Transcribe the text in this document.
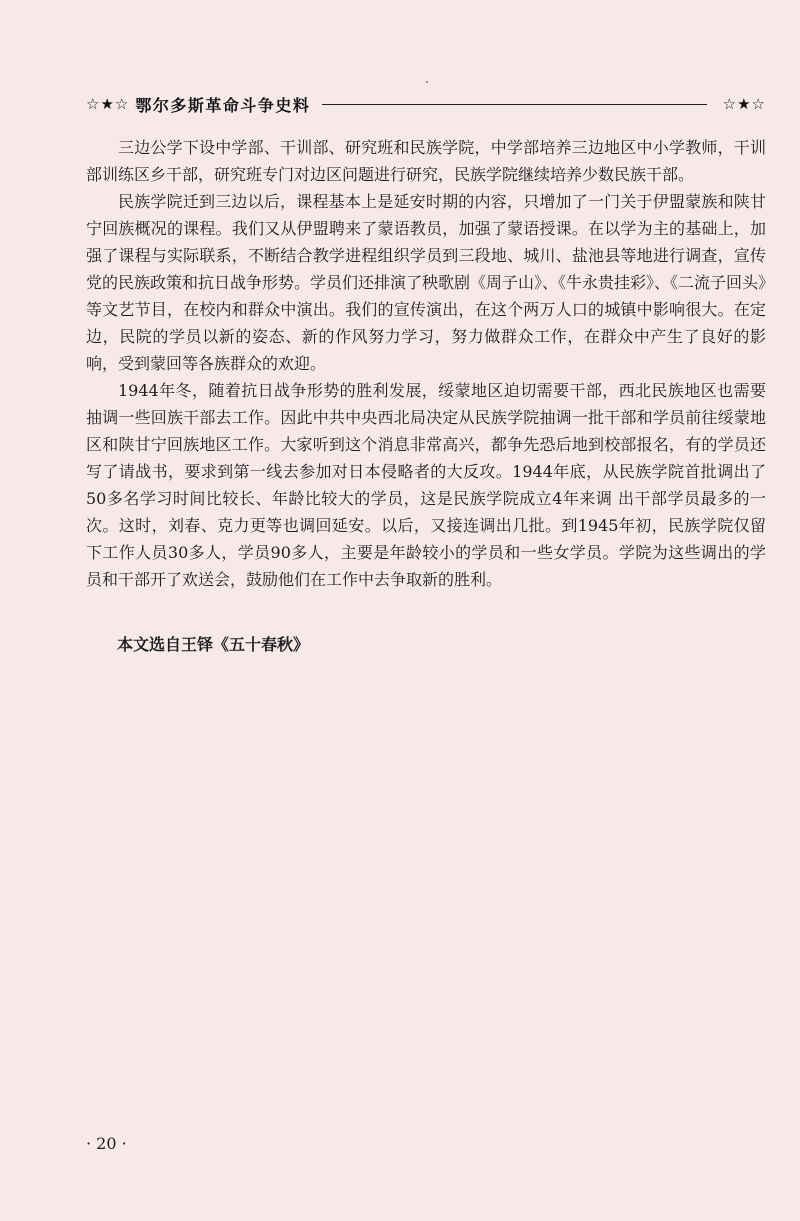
☆★☆ 鄂尔多斯革命斗争史料	☆★☆

三边公学下设中学部、干训部、研究班和民族学院，中学部培养三边地区中小学教师，干训部训练区乡干部，研究班专门对边区问题进行研究，民族学院继续培养少数民族干部。

民族学院迁到三边以后，课程基本上是延安时期的内容，只增加了一门关于伊盟蒙族和陕甘宁回族概况的课程。我们又从伊盟聘来了蒙语教员，加强了蒙语授课。在以学为主的基础上，加强了课程与实际联系，不断结合教学进程组织学员到三段地、城川、盐池县等地进行调查，宣传党的民族政策和抗日战争形势。学员们还排演了秧歌剧《周子山》、《牛永贵挂彩》、《二流子回头》等文艺节目，在校内和群众中演出。我们的宣传演出，在这个两万人口的城镇中影响很大。在定边，民院的学员以新的姿态、新的作风努力学习，努力做群众工作，在群众中产生了良好的影响，受到蒙回等各族群众的欢迎。

1944年冬，随着抗日战争形势的胜利发展，绥蒙地区迫切需要干部，西北民族地区也需要抽调一些回族干部去工作。因此中共中央西北局决定从民族学院抽调一批干部和学员前往绥蒙地区和陕甘宁回族地区工作。大家听到这个消息非常高兴，都争先恐后地到校部报名，有的学员还写了请战书，要求到第一线去参加对日本侵略者的大反攻。1944年底，从民族学院首批调出了50多名学习时间比较长、年龄比较大的学员，这是民族学院成立4年来调 出干部学员最多的一次。这时，刘春、克力更等也调回延安。以后，又接连调出几批。到1945年初，民族学院仅留下工作人员30多人，学员90多人，主要是年龄较小的学员和一些女学员。学院为这些调出的学员和干部开了欢送会，鼓励他们在工作中去争取新的胜利。

本文选自王铎《五十春秋》
· 20 ·
